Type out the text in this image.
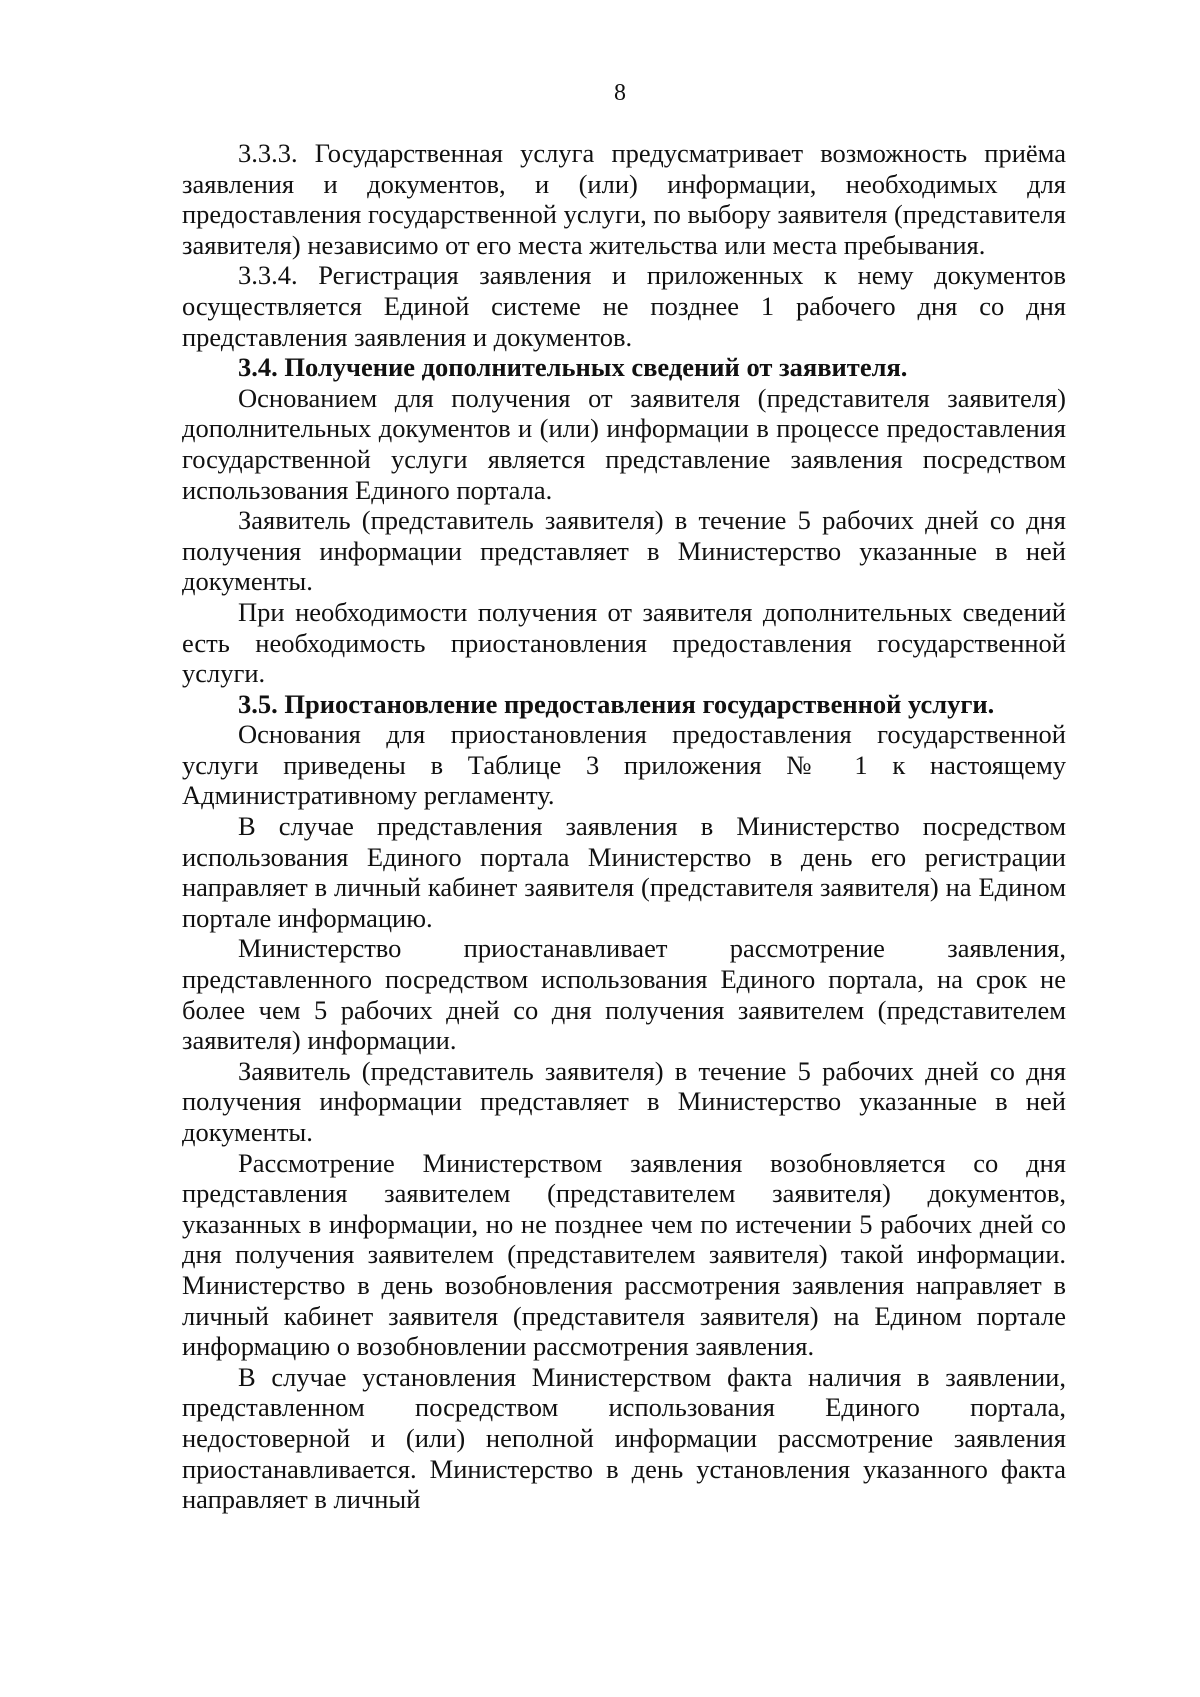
8

3.3.3. Государственная услуга предусматривает возможность приёма заявления и документов, и (или) информации, необходимых для предоставления государственной услуги, по выбору заявителя (представителя заявителя) независимо от его места жительства или места пребывания.

3.3.4. Регистрация заявления и приложенных к нему документов осуществляется Единой системе не позднее 1 рабочего дня со дня представления заявления и документов.

3.4. Получение дополнительных сведений от заявителя.

Основанием для получения от заявителя (представителя заявителя) дополнительных документов и (или) информации в процессе предоставления государственной услуги является представление заявления посредством использования Единого портала.

Заявитель (представитель заявителя) в течение 5 рабочих дней со дня получения информации представляет в Министерство указанные в ней документы.

При необходимости получения от заявителя дополнительных сведений есть необходимость приостановления предоставления государственной услуги.

3.5. Приостановление предоставления государственной услуги.

Основания для приостановления предоставления государственной услуги приведены в Таблице 3 приложения № 1 к настоящему Административному регламенту.

В случае представления заявления в Министерство посредством использования Единого портала Министерство в день его регистрации направляет в личный кабинет заявителя (представителя заявителя) на Едином портале информацию.

Министерство приостанавливает рассмотрение заявления, представленного посредством использования Единого портала, на срок не более чем 5 рабочих дней со дня получения заявителем (представителем заявителя) информации.

Заявитель (представитель заявителя) в течение 5 рабочих дней со дня получения информации представляет в Министерство указанные в ней документы.

Рассмотрение Министерством заявления возобновляется со дня представления заявителем (представителем заявителя) документов, указанных в информации, но не позднее чем по истечении 5 рабочих дней со дня получения заявителем (представителем заявителя) такой информации. Министерство в день возобновления рассмотрения заявления направляет в личный кабинет заявителя (представителя заявителя) на Едином портале информацию о возобновлении рассмотрения заявления.

В случае установления Министерством факта наличия в заявлении, представленном посредством использования Единого портала, недостоверной и (или) неполной информации рассмотрение заявления приостанавливается. Министерство в день установления указанного факта направляет в личный
